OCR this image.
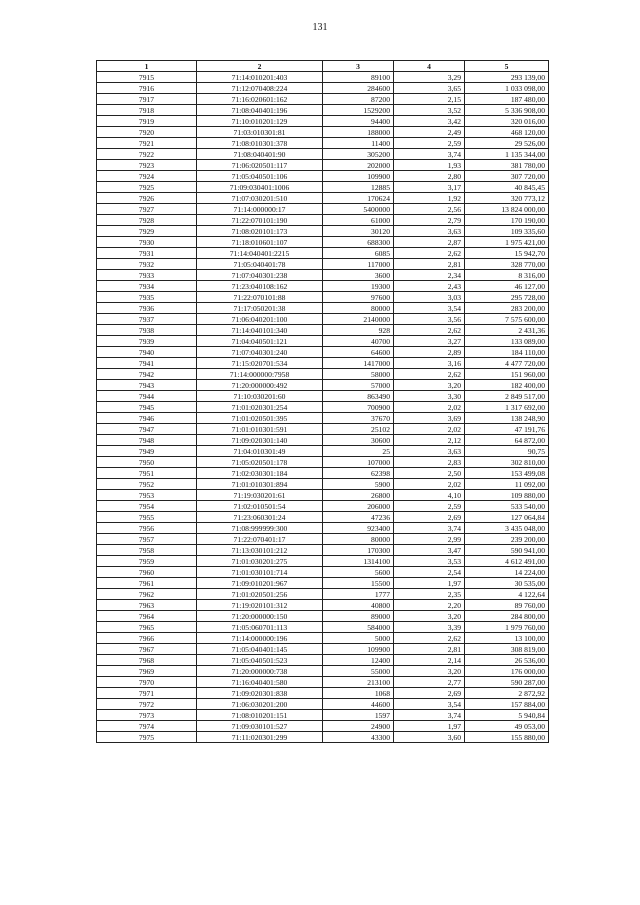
131
1	2	3	4	5
7915	71:14:010201:403	89100	3,29	293 139,00
7916	71:12:070408:224	284600	3,65	1 033 098,00
7917	71:16:020601:162	87200	2,15	187 480,00
7918	71:08:040401:196	1529200	3,52	5 336 908,00
7919	71:10:010201:129	94400	3,42	320 016,00
7920	71:03:010301:81	188000	2,49	468 120,00
7921	71:08:010301:378	11400	2,59	29 526,00
7922	71:08:040401:90	305200	3,74	1 135 344,00
7923	71:06:020501:117	202000	1,93	381 780,00
7924	71:05:040501:106	109900	2,80	307 720,00
7925	71:09:030401:1006	12885	3,17	40 845,45
7926	71:07:030201:510	170624	1,92	320 773,12
7927	71:14:000000:17	5400000	2,56	13 824 000,00
7928	71:22:070101:190	61000	2,79	170 190,00
7929	71:08:020101:173	30120	3,63	109 335,60
7930	71:18:010601:107	688300	2,87	1 975 421,00
7931	71:14:040401:2215	6085	2,62	15 942,70
7932	71:05:040401:78	117000	2,81	328 770,00
7933	71:07:040301:238	3600	2,34	8 316,00
7934	71:23:040108:162	19300	2,43	46 127,00
7935	71:22:070101:88	97600	3,03	295 728,00
7936	71:17:050201:38	80000	3,54	283 200,00
7937	71:06:040201:100	2140000	3,56	7 575 600,00
7938	71:14:040101:340	928	2,62	2 431,36
7939	71:04:040501:121	40700	3,27	133 089,00
7940	71:07:040301:240	64600	2,89	184 110,00
7941	71:15:020701:534	1417000	3,16	4 477 720,00
7942	71:14:000000:7958	58000	2,62	151 960,00
7943	71:20:000000:492	57000	3,20	182 400,00
7944	71:10:030201:60	863490	3,30	2 849 517,00
7945	71:01:020301:254	700900	2,02	1 317 692,00
7946	71:01:020501:395	37670	3,69	138 248,90
7947	71:01:010301:591	25102	2,02	47 191,76
7948	71:09:020301:140	30600	2,12	64 872,00
7949	71:04:010301:49	25	3,63	90,75
7950	71:05:020501:178	107000	2,83	302 810,00
7951	71:02:030301:184	62398	2,50	153 499,08
7952	71:01:010301:894	5900	2,02	11 092,00
7953	71:19:030201:61	26800	4,10	109 880,00
7954	71:02:010501:54	206000	2,59	533 540,00
7955	71:23:060301:24	47236	2,69	127 064,84
7956	71:08:999999:300	923400	3,74	3 435 048,00
7957	71:22:070401:17	80000	2,99	239 200,00
7958	71:13:030101:212	170300	3,47	590 941,00
7959	71:01:030201:275	1314100	3,53	4 612 491,00
7960	71:01:030101:714	5600	2,54	14 224,00
7961	71:09:010201:967	15500	1,97	30 535,00
7962	71:01:020501:256	1777	2,35	4 122,64
7963	71:19:020101:312	40800	2,20	89 760,00
7964	71:20:000000:150	89000	3,20	284 800,00
7965	71:05:060701:113	584000	3,39	1 979 760,00
7966	71:14:000000:196	5000	2,62	13 100,00
7967	71:05:040401:145	109900	2,81	308 819,00
7968	71:05:040501:523	12400	2,14	26 536,00
7969	71:20:000000:738	55000	3,20	176 000,00
7970	71:16:040401:580	213100	2,77	590 287,00
7971	71:09:020301:838	1068	2,69	2 872,92
7972	71:06:030201:200	44600	3,54	157 884,00
7973	71:08:010201:151	1597	3,74	5 940,84
7974	71:09:030101:527	24900	1,97	49 053,00
7975	71:11:020301:299	43300	3,60	155 880,00
